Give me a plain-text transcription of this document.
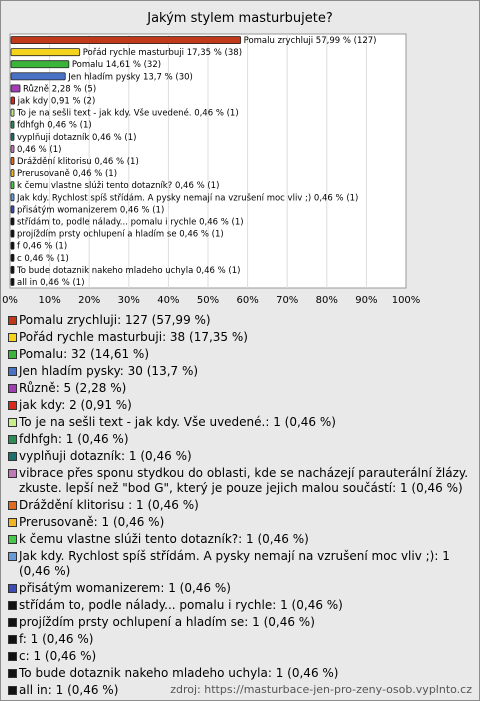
Jakým stylem masturbujete?
0% 10% 20% 30% 40% 50% 60% 70% 80% 90% 100%
Pomalu zrychluji 57,99 % (127)
Pořád rychle masturbuji 17,35 % (38)
Pomalu 14,61 % (32)
Jen hladím pysky 13,7 % (30)
Různě 2,28 % (5)
jak kdy 0,91 % (2)
To je na sešli text - jak kdy. Vše uvedené. 0,46 % (1)
fdhfgh 0,46 % (1)
vyplňuji dotazník 0,46 % (1)
0,46 % (1)
Dráždění klitorisu 0,46 % (1)
Prerusovaně 0,46 % (1)
k čemu vlastne slúži tento dotazník? 0,46 % (1)
Jak kdy. Rychlost spíš střídám. A pysky nemají na vzrušení moc vliv ;) 0,46 % (1)
přisátým womanizerem 0,46 % (1)
střídám to, podle nálady... pomalu i rychle 0,46 % (1)
projíždím prsty ochlupení a hladím se 0,46 % (1)
f 0,46 % (1)
c 0,46 % (1)
To bude dotaznik nakeho mladeho uchyla 0,46 % (1)
all in 0,46 % (1)
Pomalu zrychluji: 127 (57,99 %)
Pořád rychle masturbuji: 38 (17,35 %)
Pomalu: 32 (14,61 %)
Jen hladím pysky: 30 (13,7 %)
Různě: 5 (2,28 %)
jak kdy: 2 (0,91 %)
To je na sešli text - jak kdy. Vše uvedené.: 1 (0,46 %)
fdhfgh: 1 (0,46 %)
vyplňuji dotazník: 1 (0,46 %)
vibrace přes sponu stydkou do oblasti, kde se nacházejí parauterální žlázy. zkuste. lepší než "bod G", který je pouze jejich malou součástí: 1 (0,46 %)
Dráždění klitorisu : 1 (0,46 %)
Prerusovaně: 1 (0,46 %)
k čemu vlastne slúži tento dotazník?: 1 (0,46 %)
Jak kdy. Rychlost spíš střídám. A pysky nemají na vzrušení moc vliv ;): 1 (0,46 %)
přisátým womanizerem: 1 (0,46 %)
střídám to, podle nálady... pomalu i rychle: 1 (0,46 %)
projíždím prsty ochlupení a hladím se: 1 (0,46 %)
f: 1 (0,46 %)
c: 1 (0,46 %)
To bude dotaznik nakeho mladeho uchyla: 1 (0,46 %)
all in: 1 (0,46 %)	zdroj: https://masturbace-jen-pro-zeny-osob.vyplnto.cz
